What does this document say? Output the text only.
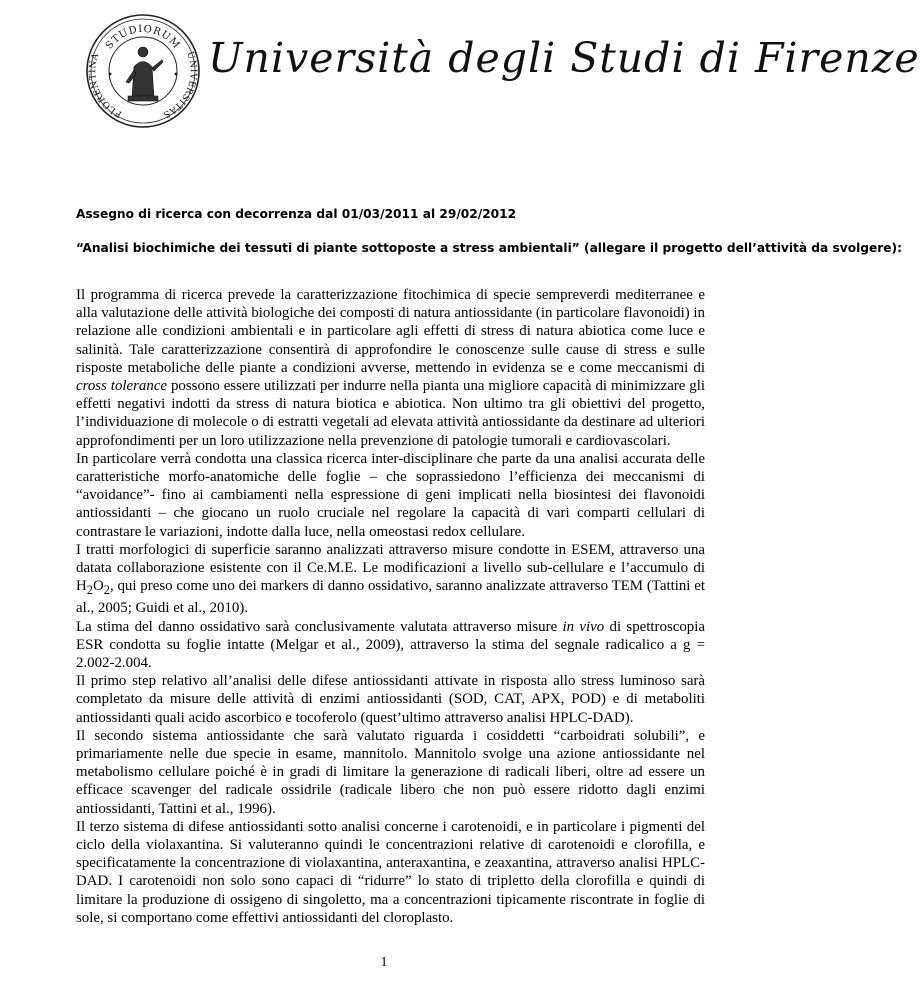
STUDIORUM
FLORENTINA	UNIVERSITAS
Università degli Studi di Firenze
Assegno di ricerca con decorrenza dal 01/03/2011 al 29/02/2012
“Analisi biochimiche dei tessuti di piante sottoposte a stress ambientali” (allegare il progetto dell’attività da svolgere):

Il programma di ricerca prevede la caratterizzazione fitochimica di specie sempreverdi mediterranee e alla valutazione delle attività biologiche dei composti di natura antiossidante (in particolare flavonoidi) in relazione alle condizioni ambientali e in particolare agli effetti di stress di natura abiotica come luce e salinità. Tale caratterizzazione consentirà di approfondire le conoscenze sulle cause di stress e sulle risposte metaboliche delle piante a condizioni avverse, mettendo in evidenza se e come meccanismi di cross tolerance possono essere utilizzati per indurre nella pianta una migliore capacità di minimizzare gli effetti negativi indotti da stress di natura biotica e abiotica. Non ultimo tra gli obiettivi del progetto, l’individuazione di molecole o di estratti vegetali ad elevata attività antiossidante da destinare ad ulteriori approfondimenti per un loro utilizzazione nella prevenzione di patologie tumorali e cardiovascolari.

In particolare verrà condotta una classica ricerca inter-disciplinare che parte da una analisi accurata delle caratteristiche morfo-anatomiche delle foglie – che soprassiedono l’efficienza dei meccanismi di “avoidance”- fino ai cambiamenti nella espressione di geni implicati nella biosintesi dei flavonoidi antiossidanti – che giocano un ruolo cruciale nel regolare la capacità di vari comparti cellulari di contrastare le variazioni, indotte dalla luce, nella omeostasi redox cellulare.

I tratti morfologici di superficie saranno analizzati attraverso misure condotte in ESEM, attraverso una datata collaborazione esistente con il Ce.M.E. Le modificazioni a livello sub-cellulare e l’accumulo di $H_2O_2$, qui preso come uno dei markers di danno ossidativo, saranno analizzate attraverso TEM (Tattini et al., 2005; Guidi et al., 2010).

La stima del danno ossidativo sarà conclusivamente valutata attraverso misure in vivo di spettroscopia ESR condotta su foglie intatte (Melgar et al., 2009), attraverso la stima del segnale radicalico a g = 2.002-2.004.

Il primo step relativo all’analisi delle difese antiossidanti attivate in risposta allo stress luminoso sarà completato da misure delle attività di enzimi antiossidanti (SOD, CAT, APX, POD) e di metaboliti antiossidanti quali acido ascorbico e tocoferolo (quest’ultimo attraverso analisi HPLC-DAD).

Il secondo sistema antiossidante che sarà valutato riguarda i cosiddetti “carboidrati solubili”, e primariamente nelle due specie in esame, mannitolo. Mannitolo svolge una azione antiossidante nel metabolismo cellulare poiché è in gradi di limitare la generazione di radicali liberi, oltre ad essere un efficace scavenger del radicale ossidrile (radicale libero che non può essere ridotto dagli enzimi antiossidanti, Tattini et al., 1996).

Il terzo sistema di difese antiossidanti sotto analisi concerne i carotenoidi, e in particolare i pigmenti del ciclo della violaxantina. Si valuteranno quindi le concentrazioni relative di carotenoidi e clorofilla, e specificatamente la concentrazione di violaxantina, anteraxantina, e zeaxantina, attraverso analisi HPLC-DAD. I carotenoidi non solo sono capaci di “ridurre” lo stato di tripletto della clorofilla e quindi di limitare la produzione di ossigeno di singoletto, ma a concentrazioni tipicamente riscontrate in foglie di sole, si comportano come effettivi antiossidanti del cloroplasto.

1
